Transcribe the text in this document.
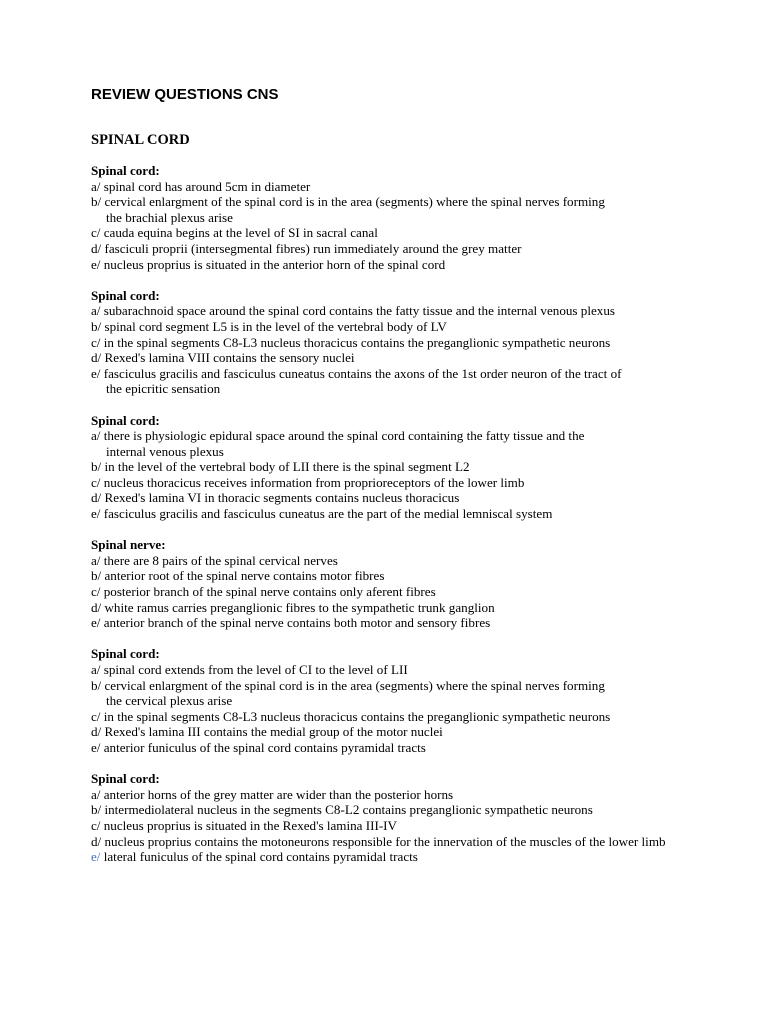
REVIEW QUESTIONS CNS
SPINAL CORD
Spinal cord:
a/ spinal cord has around 5cm in diameter
b/ cervical enlargment of the spinal cord is in the area (segments) where the spinal nerves forming
the brachial plexus arise
c/ cauda equina begins at the level of SI in sacral canal
d/ fasciculi proprii (intersegmental fibres) run immediately around the grey matter
e/ nucleus proprius is situated in the anterior horn of the spinal cord
Spinal cord:
a/ subarachnoid space around the spinal cord contains the fatty tissue and the internal venous plexus
b/ spinal cord segment L5 is in the level of the vertebral body of LV
c/ in the spinal segments C8-L3 nucleus thoracicus contains the preganglionic sympathetic neurons
d/ Rexed's lamina VIII contains the sensory nuclei
e/ fasciculus gracilis and fasciculus cuneatus contains the axons of the 1st order neuron of the tract of
the epicritic sensation
Spinal cord:
a/ there is physiologic epidural space around the spinal cord containing the fatty tissue and the
internal venous plexus
b/ in the level of the vertebral body of LII there is the spinal segment L2
c/ nucleus thoracicus receives information from proprioreceptors of the lower limb
d/ Rexed's lamina VI in thoracic segments contains nucleus thoracicus
e/ fasciculus gracilis and fasciculus cuneatus are the part of the medial lemniscal system
Spinal nerve:
a/ there are 8 pairs of the spinal cervical nerves
b/ anterior root of the spinal nerve contains motor fibres
c/ posterior branch of the spinal nerve contains only aferent fibres
d/ white ramus carries preganglionic fibres to the sympathetic trunk ganglion
e/ anterior branch of the spinal nerve contains both motor and sensory fibres
Spinal cord:
a/ spinal cord extends from the level of CI to the level of LII
b/ cervical enlargment of the spinal cord is in the area (segments) where the spinal nerves forming
the cervical plexus arise
c/ in the spinal segments C8-L3 nucleus thoracicus contains the preganglionic sympathetic neurons
d/ Rexed's lamina III contains the medial group of the motor nuclei
e/ anterior funiculus of the spinal cord contains pyramidal tracts
Spinal cord:
a/ anterior horns of the grey matter are wider than the posterior horns
b/ intermediolateral nucleus in the segments C8-L2 contains preganglionic sympathetic neurons
c/ nucleus proprius is situated in the Rexed's lamina III-IV
d/ nucleus proprius contains the motoneurons responsible for the innervation of the muscles of the lower limb
e/ lateral funiculus of the spinal cord contains pyramidal tracts
